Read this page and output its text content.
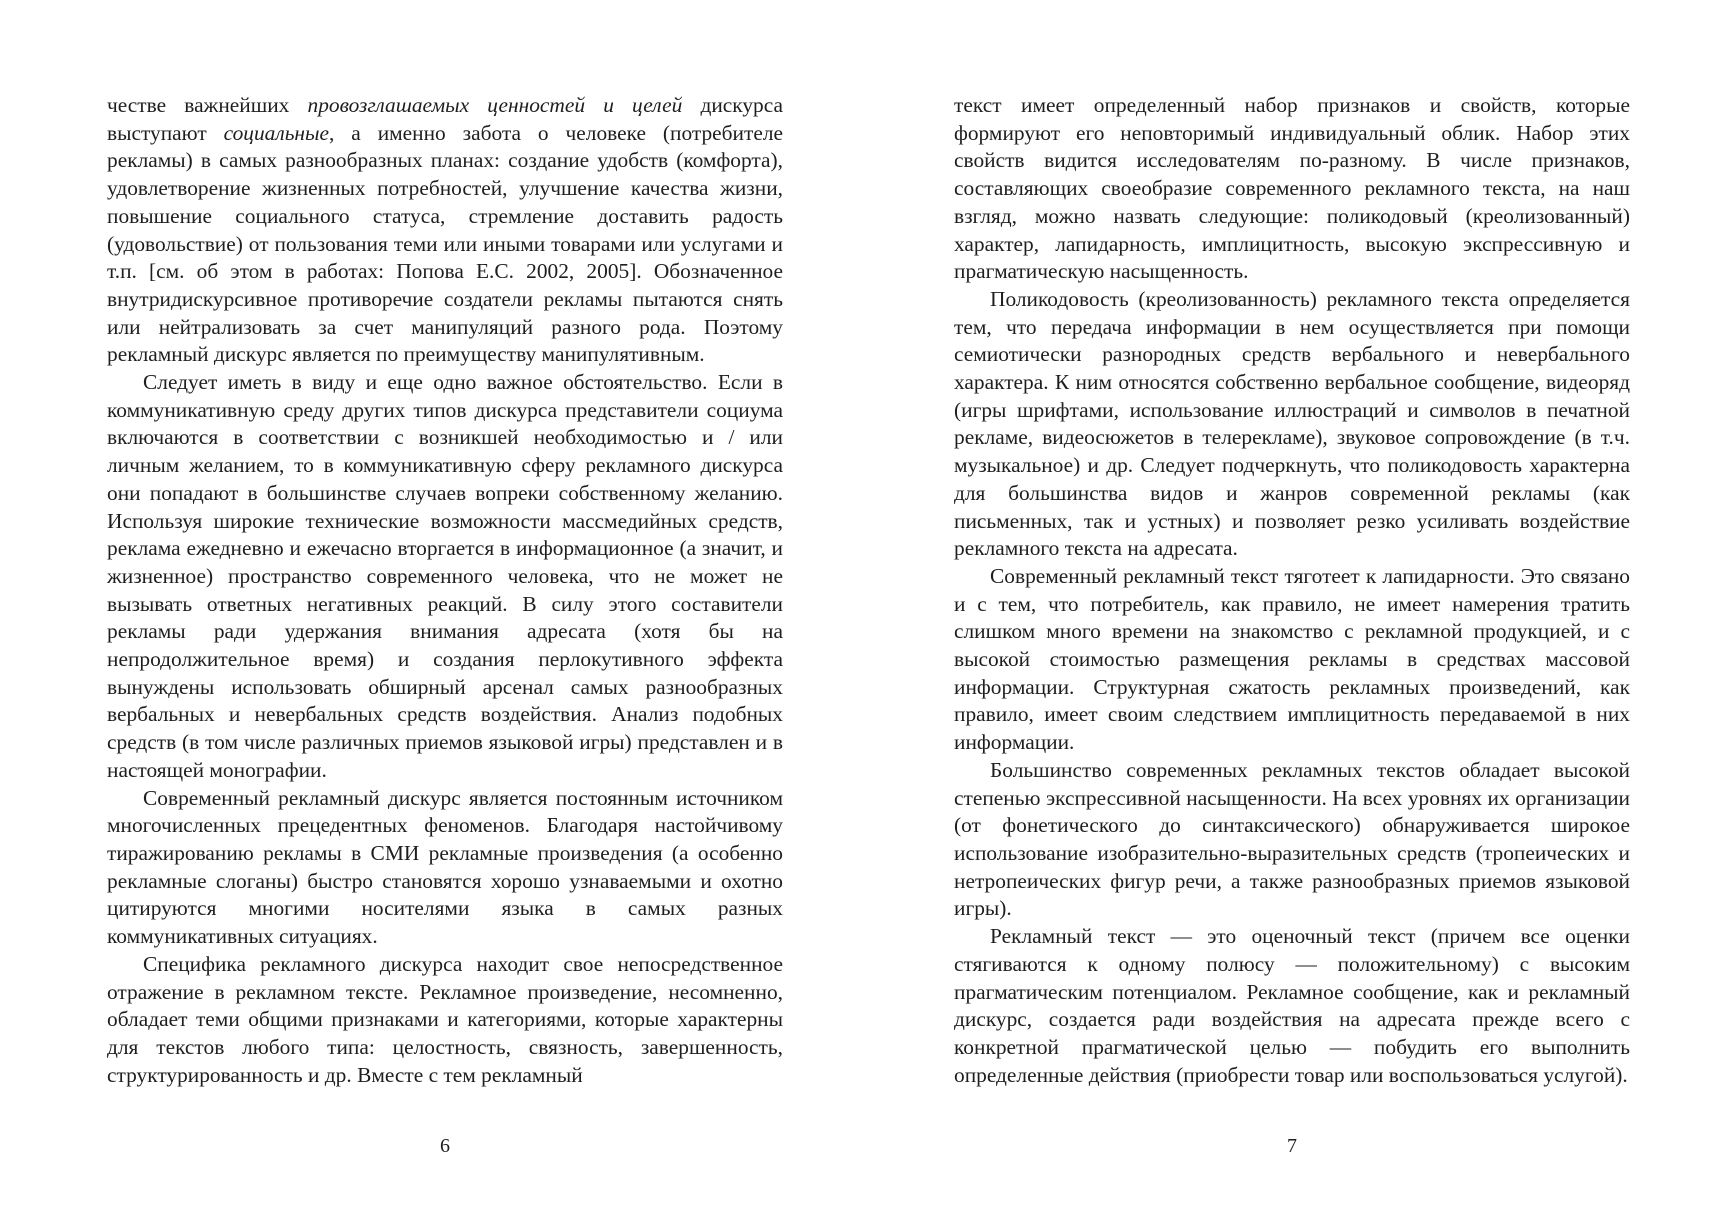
честве важнейших провозглашаемых ценностей и целей дискурса выступают социальные, а именно забота о человеке (потребителе рекламы) в самых разнообразных планах: создание удобств (комфорта), удовлетворение жизненных потребностей, улучшение качества жизни, повышение социального статуса, стремление доставить радость (удовольствие) от пользования теми или иными товарами или услугами и т.п. [см. об этом в работах: Попова Е.С. 2002, 2005]. Обозначенное внутридискурсивное противоречие создатели рекламы пытаются снять или нейтрализовать за счет манипуляций разного рода. Поэтому рекламный дискурс является по преимуществу манипулятивным.

Следует иметь в виду и еще одно важное обстоятельство. Если в коммуникативную среду других типов дискурса представители социума включаются в соответствии с возникшей необходимостью и / или личным желанием, то в коммуникативную сферу рекламного дискурса они попадают в большинстве случаев вопреки собственному желанию. Используя широкие технические возможности массмедийных средств, реклама ежедневно и ежечасно вторгается в информационное (а значит, и жизненное) пространство современного человека, что не может не вызывать ответных негативных реакций. В силу этого составители рекламы ради удержания внимания адресата (хотя бы на непродолжительное время) и создания перлокутивного эффекта вынуждены использовать обширный арсенал самых разнообразных вербальных и невербальных средств воздействия. Анализ подобных средств (в том числе различных приемов языковой игры) представлен и в настоящей монографии.

Современный рекламный дискурс является постоянным источником многочисленных прецедентных феноменов. Благодаря настойчивому тиражированию рекламы в СМИ рекламные произведения (а особенно рекламные слоганы) быстро становятся хорошо узнаваемыми и охотно цитируются многими носителями языка в самых разных коммуникативных ситуациях.

Специфика рекламного дискурса находит свое непосредственное отражение в рекламном тексте. Рекламное произведение, несомненно, обладает теми общими признаками и категориями, которые характерны для текстов любого типа: целостность, связность, завершенность, структурированность и др. Вместе с тем рекламный

6

текст имеет определенный набор признаков и свойств, которые формируют его неповторимый индивидуальный облик. Набор этих свойств видится исследователям по-разному. В числе признаков, составляющих своеобразие современного рекламного текста, на наш взгляд, можно назвать следующие: поликодовый (креолизованный) характер, лапидарность, имплицитность, высокую экспрессивную и прагматическую насыщенность.

Поликодовость (креолизованность) рекламного текста определяется тем, что передача информации в нем осуществляется при помощи семиотически разнородных средств вербального и невербального характера. К ним относятся собственно вербальное сообщение, видеоряд (игры шрифтами, использование иллюстраций и символов в печатной рекламе, видеосюжетов в телерекламе), звуковое сопровождение (в т.ч. музыкальное) и др. Следует подчеркнуть, что поликодовость характерна для большинства видов и жанров современной рекламы (как письменных, так и устных) и позволяет резко усиливать воздействие рекламного текста на адресата.

Современный рекламный текст тяготеет к лапидарности. Это связано и с тем, что потребитель, как правило, не имеет намерения тратить слишком много времени на знакомство с рекламной продукцией, и с высокой стоимостью размещения рекламы в средствах массовой информации. Структурная сжатость рекламных произведений, как правило, имеет своим следствием имплицитность передаваемой в них информации.

Большинство современных рекламных текстов обладает высокой степенью экспрессивной насыщенности. На всех уровнях их организации (от фонетического до синтаксического) обнаруживается широкое использование изобразительно-выразительных средств (тропеических и нетропеических фигур речи, а также разнообразных приемов языковой игры).

Рекламный текст — это оценочный текст (причем все оценки стягиваются к одному полюсу — положительному) с высоким прагматическим потенциалом. Рекламное сообщение, как и рекламный дискурс, создается ради воздействия на адресата прежде всего с конкретной прагматической целью — побудить его выполнить определенные действия (приобрести товар или воспользоваться услугой).

7
